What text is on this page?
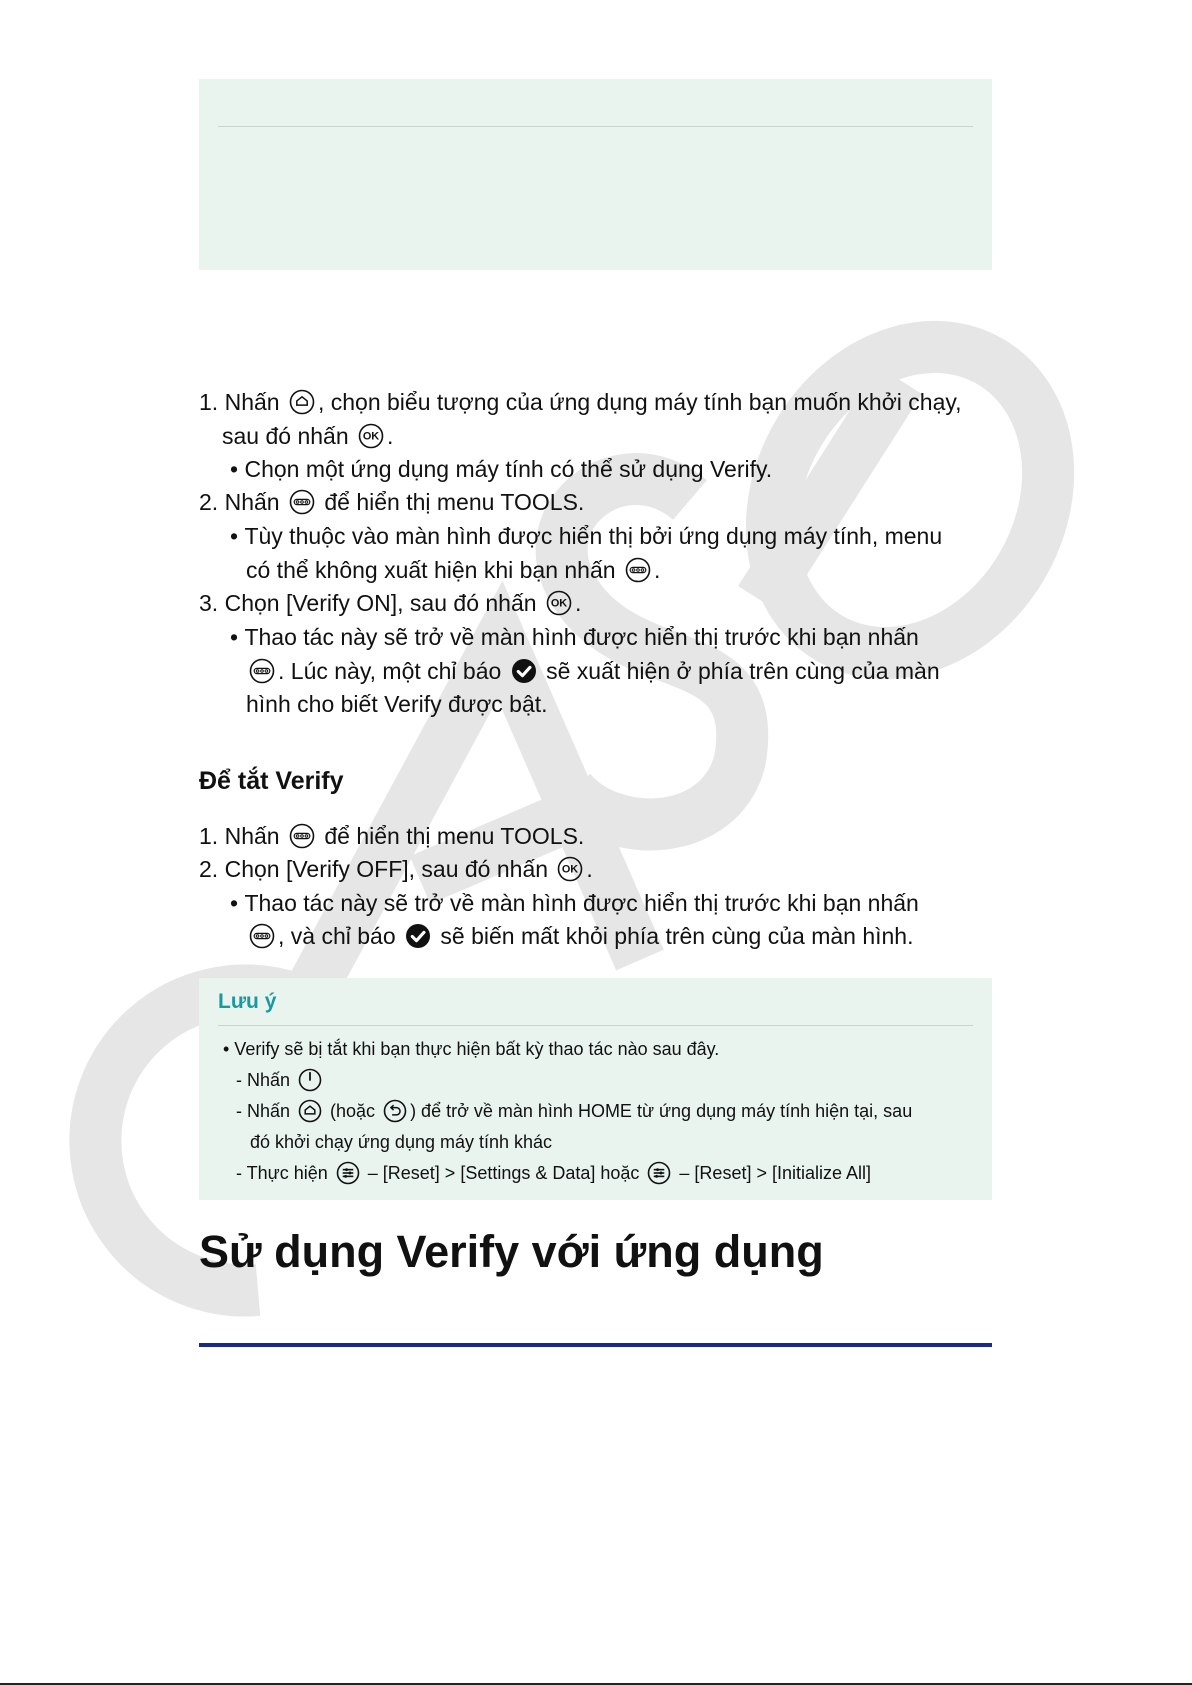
1. Nhấn , chọn biểu tượng của ứng dụng máy tính bạn muốn khởi chạy,
sau đó nhấn OK .
• Chọn một ứng dụng máy tính có thể sử dụng Verify.
2. Nhấn để hiển thị menu TOOLS.
• Tùy thuộc vào màn hình được hiển thị bởi ứng dụng máy tính, menu
có thể không xuất hiện khi bạn nhấn .
3. Chọn [Verify ON], sau đó nhấn OK .
• Thao tác này sẽ trở về màn hình được hiển thị trước khi bạn nhấn
. Lúc này, một chỉ báo sẽ xuất hiện ở phía trên cùng của màn
hình cho biết Verify được bật.
Để tắt Verify
1. Nhấn để hiển thị menu TOOLS.
2. Chọn [Verify OFF], sau đó nhấn OK .
• Thao tác này sẽ trở về màn hình được hiển thị trước khi bạn nhấn
, và chỉ báo sẽ biến mất khỏi phía trên cùng của màn hình.
Lưu ý
• Verify sẽ bị tắt khi bạn thực hiện bất kỳ thao tác nào sau đây.
- Nhấn
- Nhấn (hoặc ) để trở về màn hình HOME từ ứng dụng máy tính hiện tại, sau
đó khởi chạy ứng dụng máy tính khác
- Thực hiện – [Reset] > [Settings & Data] hoặc – [Reset] > [Initialize All]
Sử dụng Verify với ứng dụng
